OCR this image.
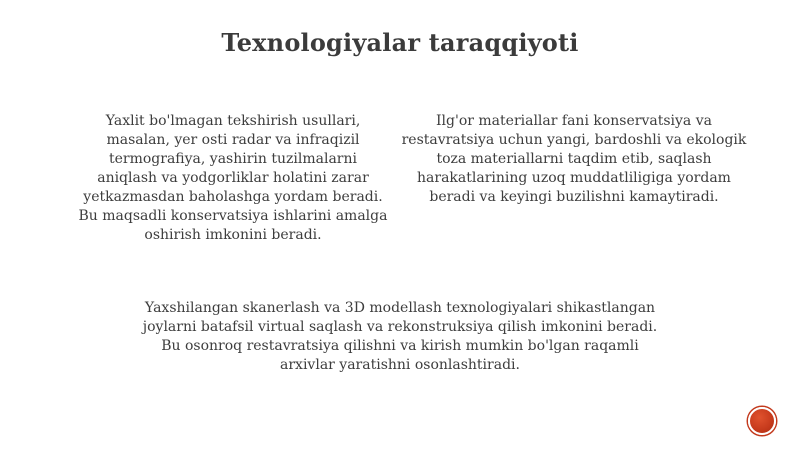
Texnologiyalar taraqqiyoti
Yaxlit bo'lmagan tekshirish usullari, masalan, yer osti radar va infraqizil termografiya, yashirin tuzilmalarni aniqlash va yodgorliklar holatini zarar yetkazmasdan baholashga yordam beradi. Bu maqsadli konservatsiya ishlarini amalga oshirish imkonini beradi.
Ilg'or materiallar fani konservatsiya va restavratsiya uchun yangi, bardoshli va ekologik toza materiallarni taqdim etib, saqlash harakatlarining uzoq muddatliligiga yordam beradi va keyingi buzilishni kamaytiradi.
Yaxshilangan skanerlash va 3D modellash texnologiyalari shikastlangan joylarni batafsil virtual saqlash va rekonstruksiya qilish imkonini beradi. Bu osonroq restavratsiya qilishni va kirish mumkin bo'lgan raqamli arxivlar yaratishni osonlashtiradi.
